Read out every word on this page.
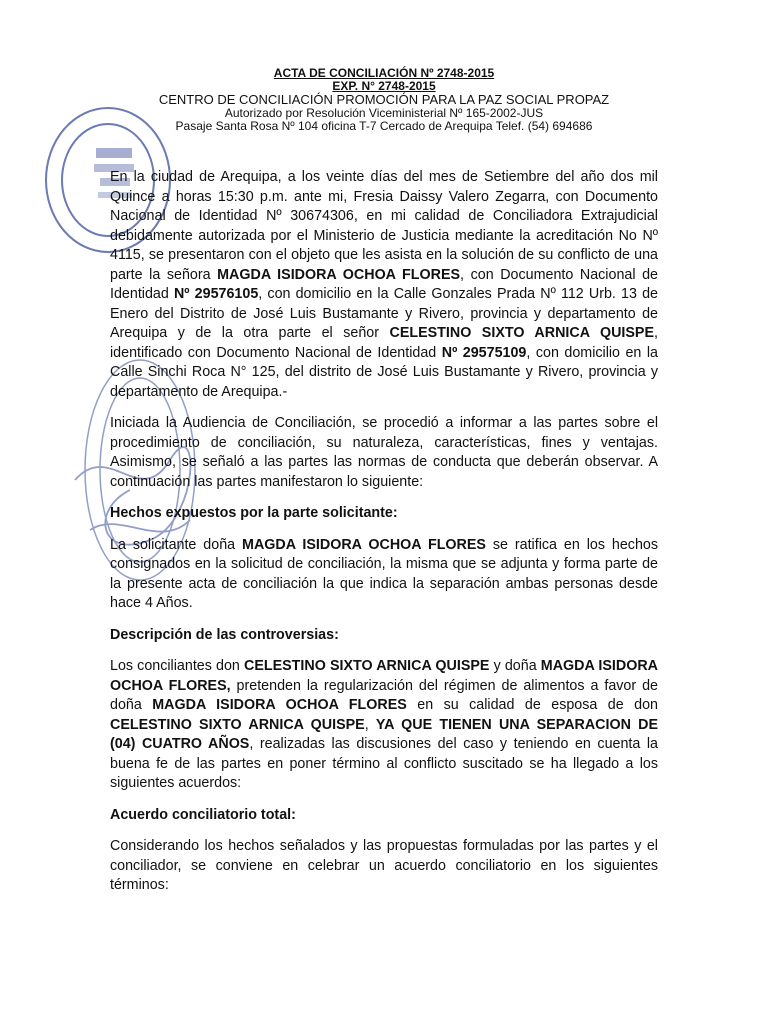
ACTA DE CONCILIACIÓN Nº 2748-2015
EXP. N° 2748-2015
CENTRO DE CONCILIACIÓN PROMOCIÓN PARA LA PAZ SOCIAL PROPAZ
Autorizado por Resolución Viceministerial Nº 165-2002-JUS
Pasaje Santa Rosa Nº 104 oficina T-7 Cercado de Arequipa Telef. (54) 694686

En la ciudad de Arequipa, a los veinte días del mes de Setiembre del año dos mil Quince a horas 15:30 p.m. ante mi, Fresia Daissy Valero Zegarra, con Documento Nacional de Identidad Nº 30674306, en mi calidad de Conciliadora Extrajudicial debidamente autorizada por el Ministerio de Justicia mediante la acreditación No Nº 4115, se presentaron con el objeto que les asista en la solución de su conflicto de una parte la señora MAGDA ISIDORA OCHOA FLORES, con Documento Nacional de Identidad Nº 29576105, con domicilio en la Calle Gonzales Prada Nº 112 Urb. 13 de Enero del Distrito de José Luis Bustamante y Rivero, provincia y departamento de Arequipa y de la otra parte el señor CELESTINO SIXTO ARNICA QUISPE, identificado con Documento Nacional de Identidad Nº 29575109, con domicilio en la Calle Sinchi Roca N° 125, del distrito de José Luis Bustamante y Rivero, provincia y departamento de Arequipa.-

Iniciada la Audiencia de Conciliación, se procedió a informar a las partes sobre el procedimiento de conciliación, su naturaleza, características, fines y ventajas. Asimismo, se señaló a las partes las normas de conducta que deberán observar. A continuación las partes manifestaron lo siguiente:

Hechos expuestos por la parte solicitante:

La solicitante doña MAGDA ISIDORA OCHOA FLORES se ratifica en los hechos consignados en la solicitud de conciliación, la misma que se adjunta y forma parte de la presente acta de conciliación la que indica la separación ambas personas desde hace 4 Años.

Descripción de las controversias:

Los conciliantes don CELESTINO SIXTO ARNICA QUISPE y doña MAGDA ISIDORA OCHOA FLORES, pretenden la regularización del régimen de alimentos a favor de doña MAGDA ISIDORA OCHOA FLORES en su calidad de esposa de don CELESTINO SIXTO ARNICA QUISPE, YA QUE TIENEN UNA SEPARACION DE (04) CUATRO AÑOS, realizadas las discusiones del caso y teniendo en cuenta la buena fe de las partes en poner término al conflicto suscitado se ha llegado a los siguientes acuerdos:

Acuerdo conciliatorio total:

Considerando los hechos señalados y las propuestas formuladas por las partes y el conciliador, se conviene en celebrar un acuerdo conciliatorio en los siguientes términos:
